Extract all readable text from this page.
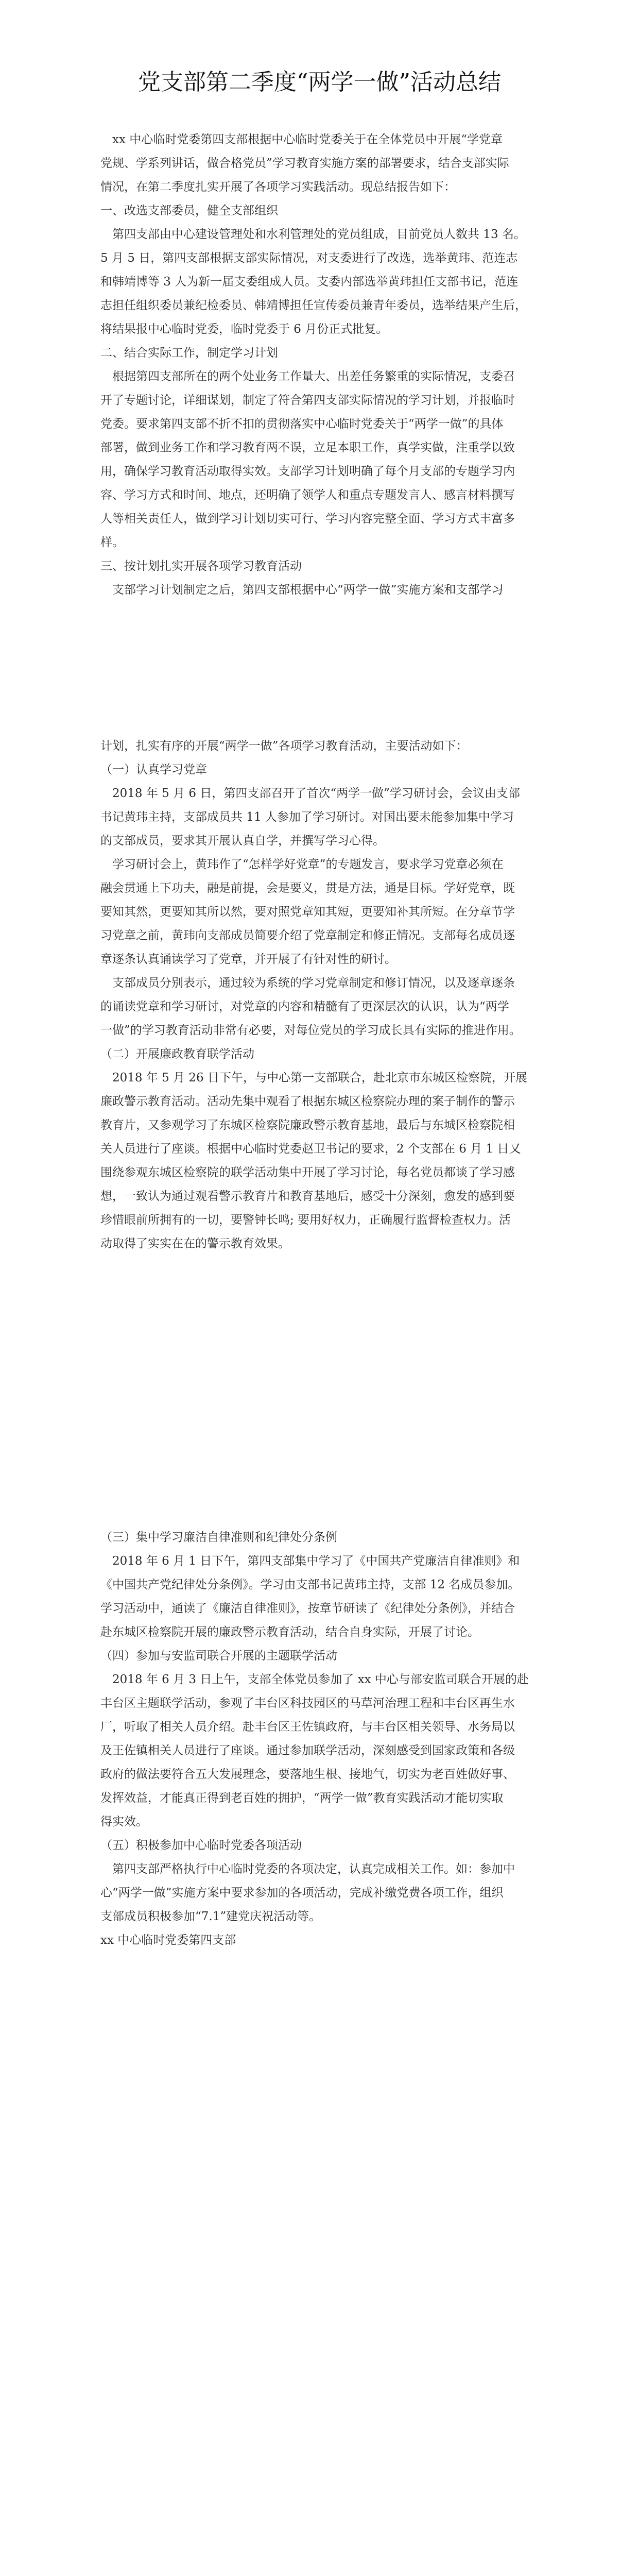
党支部第二季度“两学一做”活动总结
　xx 中心临时党委第四支部根据中心临时党委关于在全体党员中开展“学党章
党规、学系列讲话，做合格党员”学习教育实施方案的部署要求，结合支部实际
情况，在第二季度扎实开展了各项学习实践活动。现总结报告如下：
一、改选支部委员，健全支部组织
　第四支部由中心建设管理处和水利管理处的党员组成，目前党员人数共 13 名。
5 月 5 日，第四支部根据支部实际情况，对支委进行了改选，选举黄玮、范连志
和韩靖博等 3 人为新一届支委组成人员。支委内部选举黄玮担任支部书记，范连
志担任组织委员兼纪检委员、韩靖博担任宣传委员兼青年委员，选举结果产生后，
将结果报中心临时党委，临时党委于 6 月份正式批复。
二、结合实际工作，制定学习计划
　根据第四支部所在的两个处业务工作量大、出差任务繁重的实际情况，支委召
开了专题讨论，详细谋划，制定了符合第四支部实际情况的学习计划，并报临时
党委。要求第四支部不折不扣的贯彻落实中心临时党委关于“两学一做”的具体
部署，做到业务工作和学习教育两不误，立足本职工作，真学实做，注重学以致
用，确保学习教育活动取得实效。支部学习计划明确了每个月支部的专题学习内
容、学习方式和时间、地点，还明确了领学人和重点专题发言人、感言材料撰写
人等相关责任人，做到学习计划切实可行、学习内容完整全面、学习方式丰富多
样。
三、按计划扎实开展各项学习教育活动
　支部学习计划制定之后，第四支部根据中心“两学一做”实施方案和支部学习
计划，扎实有序的开展“两学一做”各项学习教育活动，主要活动如下：
（一）认真学习党章
　2018 年 5 月 6 日，第四支部召开了首次“两学一做”学习研讨会，会议由支部
书记黄玮主持，支部成员共 11 人参加了学习研讨。对国出要未能参加集中学习
的支部成员，要求其开展认真自学，并撰写学习心得。
　学习研讨会上，黄玮作了“怎样学好党章”的专题发言，要求学习党章必须在
融会贯通上下功夫，融是前提，会是要义，贯是方法，通是目标。学好党章，既
要知其然，更要知其所以然，要对照党章知其短，更要知补其所短。在分章节学
习党章之前，黄玮向支部成员简要介绍了党章制定和修正情况。支部每名成员逐
章逐条认真诵读学习了党章，并开展了有针对性的研讨。
　支部成员分别表示，通过较为系统的学习党章制定和修订情况，以及逐章逐条
的诵读党章和学习研讨，对党章的内容和精髓有了更深层次的认识，认为“两学
一做”的学习教育活动非常有必要，对每位党员的学习成长具有实际的推进作用。
（二）开展廉政教育联学活动
　2018 年 5 月 26 日下午，与中心第一支部联合，赴北京市东城区检察院，开展
廉政警示教育活动。活动先集中观看了根据东城区检察院办理的案子制作的警示
教育片，又参观学习了东城区检察院廉政警示教育基地，最后与东城区检察院相
关人员进行了座谈。根据中心临时党委赵卫书记的要求，2 个支部在 6 月 1 日又
围绕参观东城区检察院的联学活动集中开展了学习讨论，每名党员都谈了学习感
想，一致认为通过观看警示教育片和教育基地后，感受十分深刻，愈发的感到要
珍惜眼前所拥有的一切，要警钟长鸣; 要用好权力，正确履行监督检查权力。活
动取得了实实在在的警示教育效果。
（三）集中学习廉洁自律准则和纪律处分条例
　2018 年 6 月 1 日下午，第四支部集中学习了《中国共产党廉洁自律准则》和
《中国共产党纪律处分条例》。学习由支部书记黄玮主持，支部 12 名成员参加。
学习活动中，通读了《廉洁自律准则》，按章节研读了《纪律处分条例》，并结合
赴东城区检察院开展的廉政警示教育活动，结合自身实际，开展了讨论。
（四）参加与安监司联合开展的主题联学活动
　2018 年 6 月 3 日上午，支部全体党员参加了 xx 中心与部安监司联合开展的赴
丰台区主题联学活动，参观了丰台区科技园区的马草河治理工程和丰台区再生水
厂，听取了相关人员介绍。赴丰台区王佐镇政府，与丰台区相关领导、水务局以
及王佐镇相关人员进行了座谈。通过参加联学活动，深刻感受到国家政策和各级
政府的做法要符合五大发展理念，要落地生根、接地气，切实为老百姓做好事、
发挥效益，才能真正得到老百姓的拥护，“两学一做”教育实践活动才能切实取
得实效。
（五）积极参加中心临时党委各项活动
　第四支部严格执行中心临时党委的各项决定，认真完成相关工作。如：参加中
心“两学一做”实施方案中要求参加的各项活动，完成补缴党费各项工作，组织
支部成员积极参加“7.1”建党庆祝活动等。
xx 中心临时党委第四支部
